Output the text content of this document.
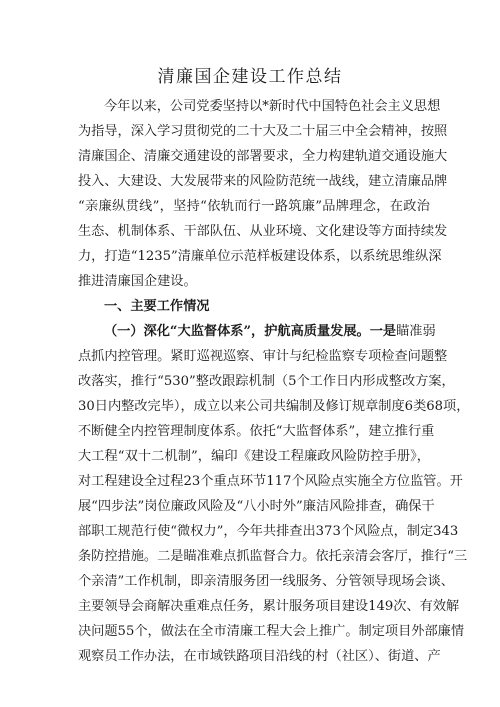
清廉国企建设工作总结
今年以来，公司党委坚持以*新时代中国特色社会主义思想
为指导，深入学习贯彻党的二十大及二十届三中全会精神，按照
清廉国企、清廉交通建设的部署要求，全力构建轨道交通设施大
投入、大建设、大发展带来的风险防范统一战线，建立清廉品牌
“亲廉纵贯线”，坚持“依轨而行一路筑廉”品牌理念，在政治
生态、机制体系、干部队伍、从业环境、文化建设等方面持续发
力，打造“1235”清廉单位示范样板建设体系，以系统思维纵深
推进清廉国企建设。
一、主要工作情况
（一）深化“大监督体系”，护航高质量发展。一是瞄准弱
点抓内控管理。紧盯巡视巡察、审计与纪检监察专项检查问题整
改落实，推行“530”整改跟踪机制（5个工作日内形成整改方案，
30日内整改完毕），成立以来公司共编制及修订规章制度6类68项，
不断健全内控管理制度体系。依托“大监督体系”，建立推行重
大工程“双十二机制”，编印《建设工程廉政风险防控手册》，
对工程建设全过程23个重点环节117个风险点实施全方位监管。开
展“四步法”岗位廉政风险及“八小时外”廉洁风险排查，确保干
部职工规范行使“微权力”，今年共排查出373个风险点，制定343
条防控措施。二是瞄准难点抓监督合力。依托亲清会客厅，推行“三
个亲清”工作机制，即亲清服务团一线服务、分管领导现场会谈、
主要领导会商解决重难点任务，累计服务项目建设149次、有效解
决问题55个，做法在全市清廉工程大会上推广。制定项目外部廉情
观察员工作办法，在市域铁路项目沿线的村（社区）、街道、产
